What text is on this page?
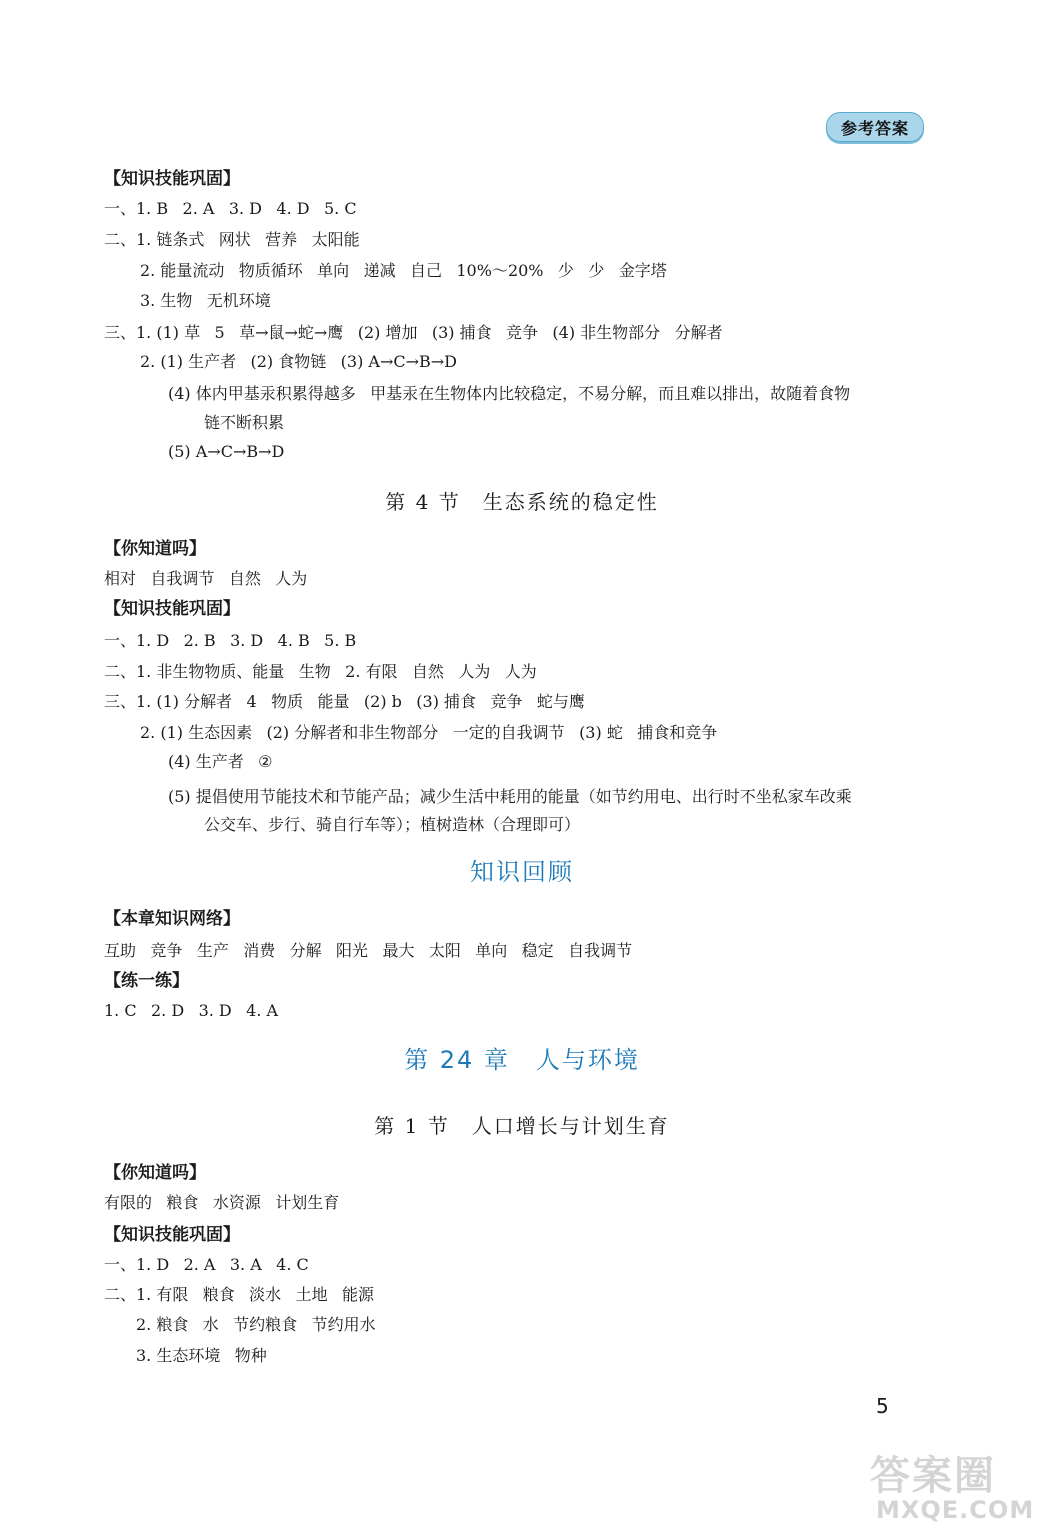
参考答案
【知识技能巩固】
一、1. B 2. A 3. D 4. D 5. C
二、1. 链条式 网状 营养 太阳能
2. 能量流动 物质循环 单向 递减 自己 10%～20% 少 少 金字塔
3. 生物 无机环境
三、1. (1) 草 5 草→鼠→蛇→鹰 (2) 增加 (3) 捕食 竞争 (4) 非生物部分 分解者
2. (1) 生产者 (2) 食物链 (3) A→C→B→D
(4) 体内甲基汞积累得越多 甲基汞在生物体内比较稳定，不易分解，而且难以排出，故随着食物
链不断积累
(5) A→C→B→D
【你知道吗】
相对 自我调节 自然 人为
【知识技能巩固】
一、1. D 2. B 3. D 4. B 5. B
二、1. 非生物物质、能量 生物 2. 有限 自然 人为 人为
三、1. (1) 分解者 4 物质 能量 (2) b (3) 捕食 竞争 蛇与鹰
2. (1) 生态因素 (2) 分解者和非生物部分 一定的自我调节 (3) 蛇 捕食和竞争
(4) 生产者 ②
(5) 提倡使用节能技术和节能产品；减少生活中耗用的能量（如节约用电、出行时不坐私家车改乘
公交车、步行、骑自行车等）；植树造林（合理即可）
【本章知识网络】
互助 竞争 生产 消费 分解 阳光 最大 太阳 单向 稳定 自我调节
【练一练】
1. C 2. D 3. D 4. A
【你知道吗】
有限的 粮食 水资源 计划生育
【知识技能巩固】
一、1. D 2. A 3. A 4. C
二、1. 有限 粮食 淡水 土地 能源
2. 粮食 水 节约粮食 节约用水
3. 生态环境 物种
第 4 节　生态系统的稳定性
知识回顾
第 24 章　人与环境
第 1 节　人口增长与计划生育
5
答案圈
MXQE.COM
